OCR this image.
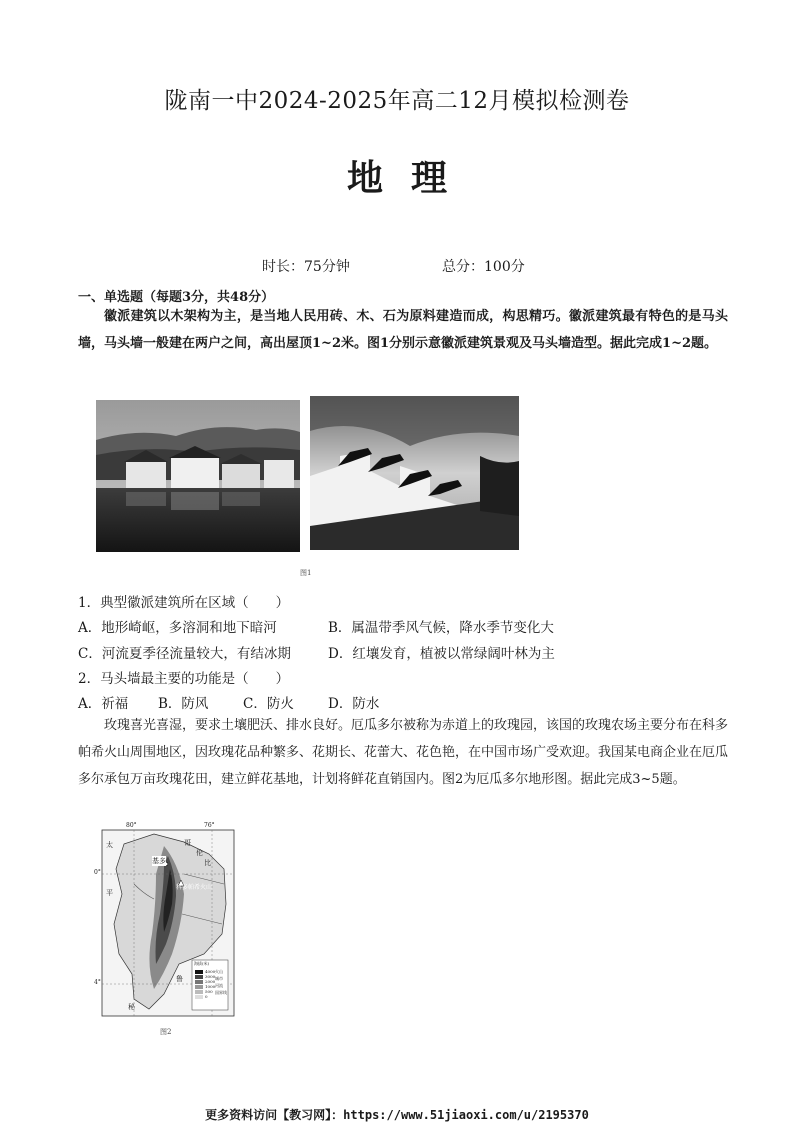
陇南一中2024-2025年高二12月模拟检测卷
地理
时长：75分钟	总分：100分
一、单选题（每题3分，共48分）
徽派建筑以木架构为主，是当地人民用砖、木、石为原料建造而成，构思精巧。徽派建筑最有特色的是马头墙，马头墙一般建在两户之间，高出屋顶1~2米。图1分别示意徽派建筑景观及马头墙造型。据此完成1~2题。
图1
1．典型徽派建筑所在区域（　　）
A．地形崎岖，多溶洞和地下暗河	B．属温带季风气候，降水季节变化大
C．河流夏季径流量较大，有结冰期	D．红壤发育，植被以常绿阔叶林为主
2．马头墙最主要的功能是（　　）
A．祈福 B．防风	C．防火	D．防水
玫瑰喜光喜湿，要求土壤肥沃、排水良好。厄瓜多尔被称为赤道上的玫瑰园，该国的玫瑰农场主要分布在科多帕希火山周围地区，因玫瑰花品种繁多、花期长、花蕾大、花色艳，在中国市场广受欢迎。我国某电商企业在厄瓜多尔承包万亩玫瑰花田，建立鲜花基地，计划将鲜花直销国内。图2为厄瓜多尔地形图。据此完成3~5题。
80°	76°
0°
4°
基多
科多帕希火山
哥
伦
比
太
平
秘
鲁
海拔(米)
4000
3000
2000
1000
500
0
火山
城市
河流
国界线
图2
更多资料访问【教习网】：https://www.51jiaoxi.com/u/2195370
